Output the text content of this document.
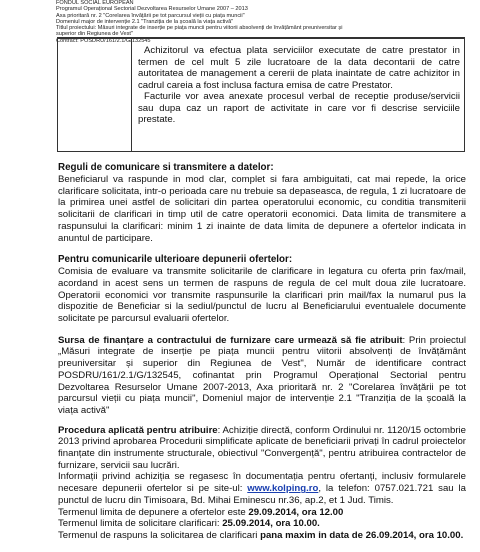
FONDUL SOCIAL EUROPEAN
Programul Operațional Sectorial Dezvoltarea Resurselor Umane 2007 – 2013
Axa prioritară nr. 2 "Corelarea învățării pe tot parcursul vieții cu piața muncii"
Domeniul major de intervenție 2.1 "Tranziția de la școală la viața activă"
Titlul proiectului: Măsuri integrate de inserție pe piața muncii pentru viitorii absolvenți de învățământ preuniversitar și
superior din Regiunea de Vest"
Contract: POSDRU/161/2.1/G/132545

Achizitorul va efectua plata serviciilor executate de catre prestator in termen de cel mult 5 zile lucratoare de la data decontarii de catre autoritatea de management a cererii de plata inaintate de catre achizitor in cadrul careia a fost inclusa factura emisa de catre Prestator.

Facturile vor avea anexate procesul verbal de receptie produse/servicii sau dupa caz un raport de activitate in care vor fi descrise serviciile prestate.

Reguli de comunicare si transmitere a datelor:

Beneficiarul va raspunde in mod clar, complet si fara ambiguitati, cat mai repede, la orice clarificare solicitata, intr-o perioada care nu trebuie sa depaseasca, de regula, 1 zi lucratoare de la primirea unei astfel de solicitari din partea operatorului economic, cu conditia transmiterii solicitarii de clarificari in timp util de catre operatorii economici. Data limita de transmitere a raspunsului la clarificari: minim 1 zi inainte de data limita de depunere a ofertelor indicata in anuntul de participare.

Pentru comunicarile ulterioare depunerii ofertelor:

Comisia de evaluare va transmite solicitarile de clarificare in legatura cu oferta prin fax/mail, acordand in acest sens un termen de raspuns de regula de cel mult doua zile lucratoare. Operatorii economici vor transmite raspunsurile la clarificari prin mail/fax la numarul pus la dispozitie de Beneficiar si la sediul/punctul de lucru al Beneficiarului eventualele documente solicitate pe parcursul evaluarii ofertelor.

Sursa de finanțare a contractului de furnizare care urmează să fie atribuit: Prin proiectul „Măsuri integrate de inserție pe piața muncii pentru viitorii absolvenți de învățământ preuniversitar și superior din Regiunea de Vest", Număr de identificare contract POSDRU/161/2.1/G/132545, cofinantat prin Programul Operațional Sectorial pentru Dezvoltarea Resurselor Umane 2007-2013, Axa prioritară nr. 2 "Corelarea învățării pe tot parcursul vieții cu piața muncii", Domeniul major de intervenție 2.1 "Tranziția de la școală la viața activă"

Procedura aplicată pentru atribuire: Achiziție directă, conform Ordinului nr. 1120/15 octombrie 2013 privind aprobarea Procedurii simplificate aplicate de beneficiarii privați în cadrul proiectelor finanțate din instrumente structurale, obiectivul "Convergență", pentru atribuirea contractelor de furnizare, servicii sau lucrări.

Informații privind achiziția se regasesc în documentația pentru ofertanți, inclusiv formularele necesare depunerii ofertelor si pe site-ul: www.kolping.ro, la telefon: 0757.021.721 sau la punctul de lucru din Timisoara, Bd. Mihai Eminescu nr.36, ap.2, et 1 Jud. Timis.

Termenul limita de depunere a ofertelor este 29.09.2014, ora 12.00

Termenul limita de solicitare clarificari: 25.09.2014, ora 10.00.

Termenul de raspuns la solicitarea de clarificari pana maxim in data de 26.09.2014, ora 10.00.
